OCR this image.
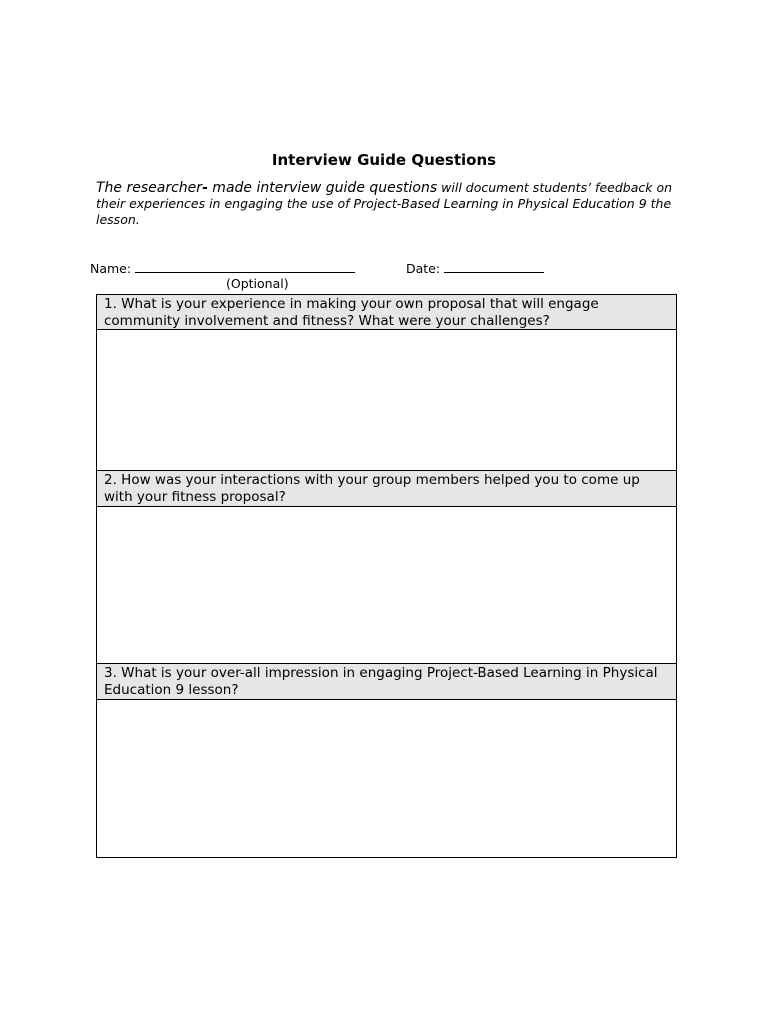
Interview Guide Questions
The researcher- made interview guide questions will document students’ feedback on their experiences in engaging the use of Project-Based Learning in Physical Education 9 the lesson.
Name:	Date:
(Optional)
1. What is your experience in making your own proposal that will engage community involvement and fitness? What were your challenges?
2. How was your interactions with your group members helped you to come up with your fitness proposal?
3. What is your over-all impression in engaging Project-Based Learning in Physical Education 9 lesson?
